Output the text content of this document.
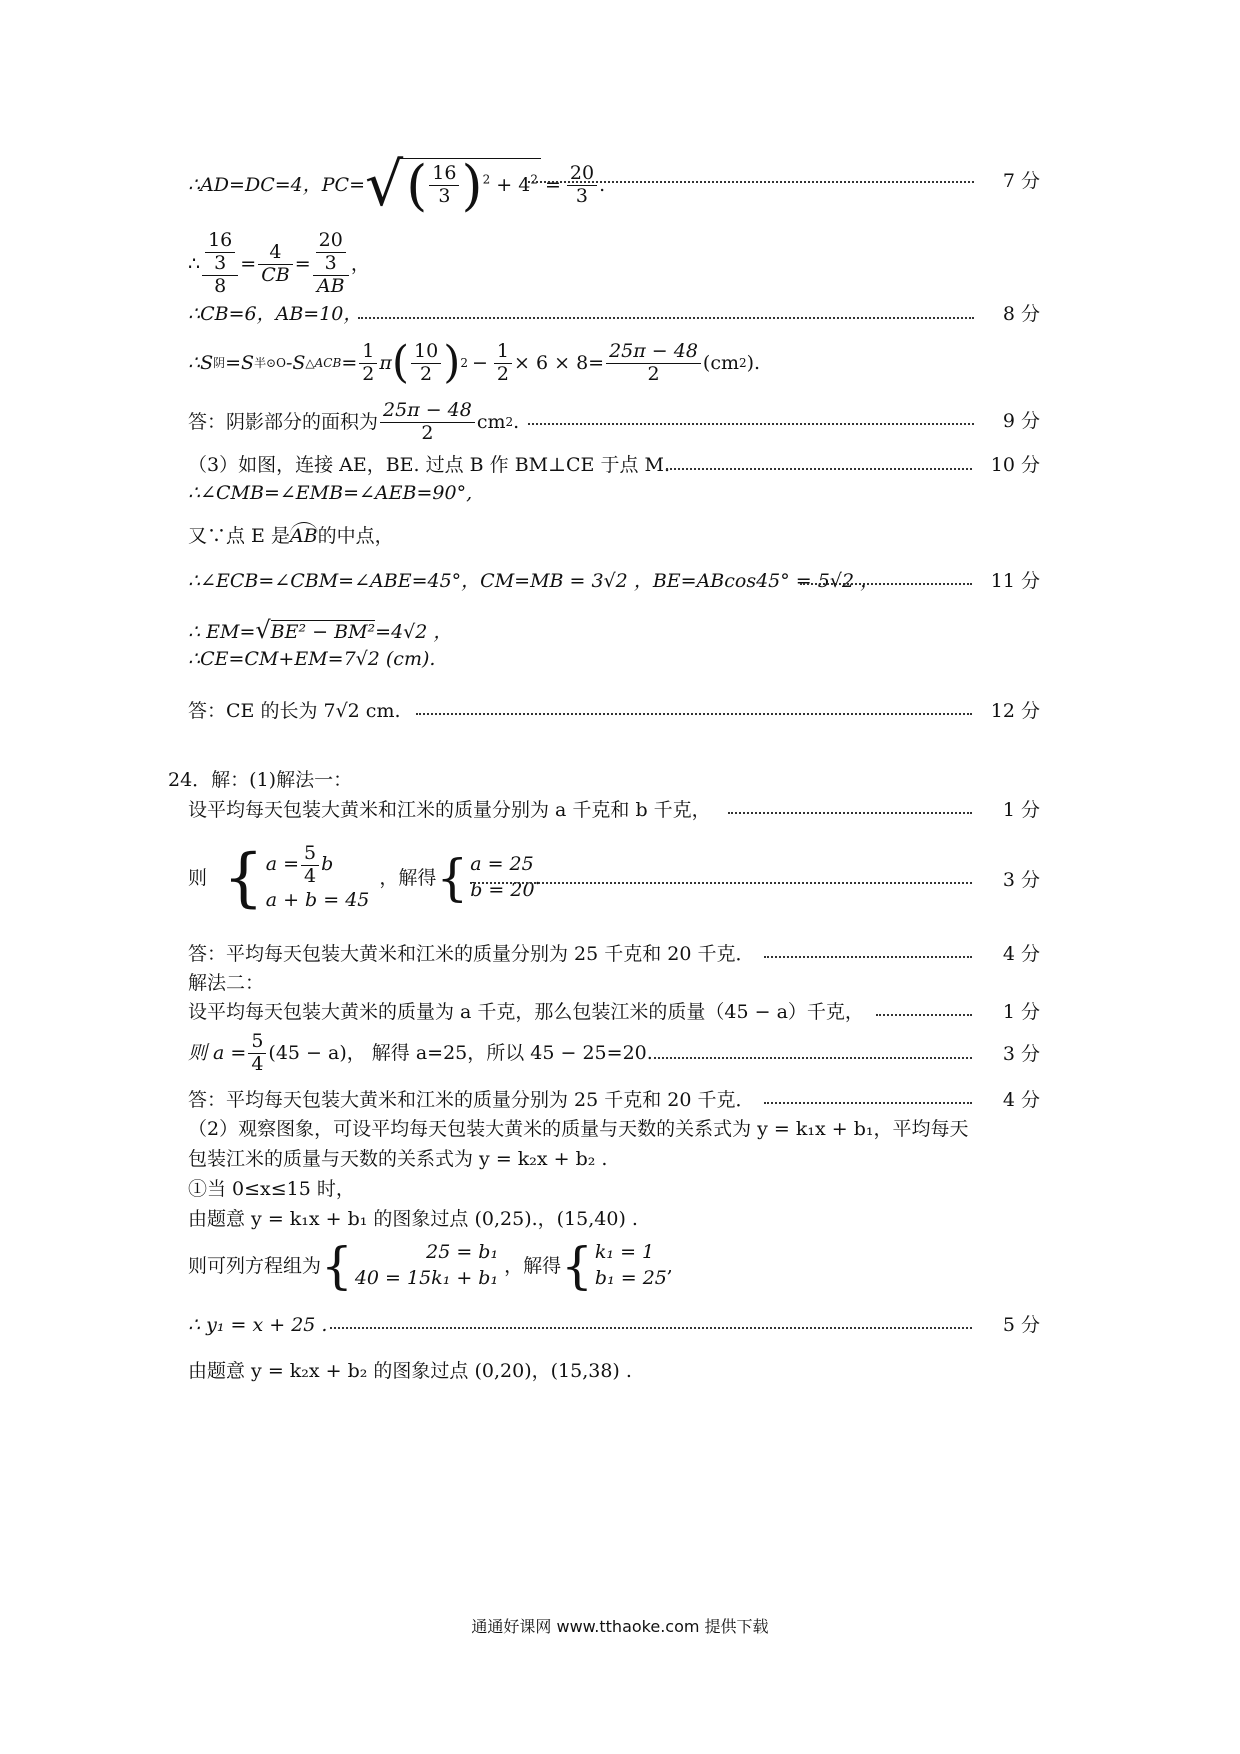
∴AD=DC=4，PC= √( $\frac{16}{3} )^2 + 4^2 = \frac{20}{3}$ .	7 分
∴ $\frac{\frac{16}{3}}{8} = \frac{4}{CB} = \frac{\frac{20}{3}}{AB}$ ，
∴CB=6，AB=10，	8 分
∴S 阴 =S 半⊙O -S △ACB = $\frac{1}{2}$ π ( $\frac{10}{2}$ ) $2 - \frac{1}{2} \times 6 \times 8= \frac{25\pi - 48}{2} (cm$ 2 ).
答：阴影部分的面积为 $\frac{25\pi - 48}{2}$ cm 2 .	9 分
（3）如图，连接 AE，BE. 过点 B 作 BM⊥CE 于点 M.	10 分
∴∠CMB=∠EMB=∠AEB=90°,
又∵点 E 是AB的中点，
∴∠ECB=∠CBM=∠ABE=45°，CM=MB = 3√2 ，BE=ABcos45° = 5√2 ，	11 分
∴ EM=√BE² − BM²=4√2 ，
∴CE=CM+EM=7√2 (cm).
答：CE 的长为 7√2 cm.	12 分
24．解：(1)解法一：
设平均每天包装大黄米和江米的质量分别为 a 千克和 b 千克，	1 分
则 { $a = \frac{5}{4}$ b
a + b = 45
，解得 { a = 25
b = 20
.	3 分
答：平均每天包装大黄米和江米的质量分别为 25 千克和 20 千克．	4 分
解法二：
设平均每天包装大黄米的质量为 a 千克，那么包装江米的质量（45 − a）千克，	1 分
则 $a = \frac{5}{4} (45 - a)$， 解得 a=25，所以 45 − 25=20.	3 分
答：平均每天包装大黄米和江米的质量分别为 25 千克和 20 千克．	4 分
（2）观察图象，可设平均每天包装大黄米的质量与天数的关系式为 y = k₁x + b₁，平均每天
包装江米的质量与天数的关系式为 y = k₂x + b₂ .
①当 0≤x≤15 时，
由题意 y = k₁x + b₁ 的图象过点 (0,25).，(15,40) .
则可列方程组为 {	25 = b₁
40 = 15k₁ + b₁
，解得 { k₁ = 1
b₁ = 25
,
∴ y₁ = x + 25 .	5 分
由题意 y = k₂x + b₂ 的图象过点 (0,20)，(15,38) .
通通好课网 www.tthaoke.com 提供下载
